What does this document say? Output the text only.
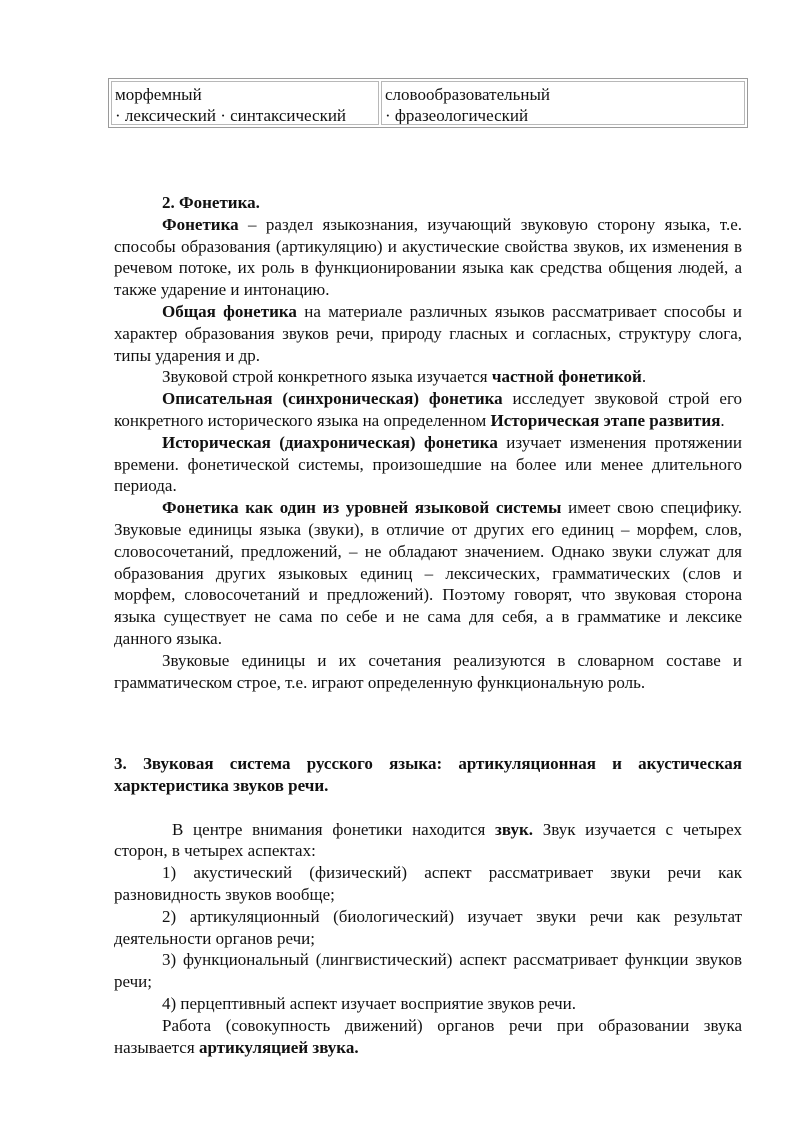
морфемный
· лексический · синтаксический
словообразовательный
· фразеологический
2. Фонетика.

Фонетика – раздел языкознания, изучающий звуковую сторону языка, т.е. способы образования (артикуляцию) и акустические свойства звуков, их изменения в речевом потоке, их роль в функционировании языка как средства общения людей, а также ударение и интонацию.

Общая фонетика на материале различных языков рассматривает способы и характер образования звуков речи, природу гласных и согласных, структуру слога, типы ударения и др.

Звуковой строй конкретного языка изучается частной фонетикой.

Описательная (синхроническая) фонетика исследует звуковой строй его конкретного исторического языка на определенном Историческая этапе развития.

Историческая (диахроническая) фонетика изучает изменения протяжении времени. фонетической системы, произошедшие на более или менее длительного периода.

Фонетика как один из уровней языковой системы имеет свою специфику. Звуковые единицы языка (звуки), в отличие от других его единиц – морфем, слов, словосочетаний, предложений, – не обладают значением. Однако звуки служат для образования других языковых единиц – лексических, грамматических (слов и морфем, словосочетаний и предложений). Поэтому говорят, что звуковая сторона языка существует не сама по себе и не сама для себя, а в грамматике и лексике данного языка.

Звуковые единицы и их сочетания реализуются в словарном составе и грамматическом строе, т.е. играют определенную функциональную роль.

3. Звуковая система русского языка: артикуляционная и акустическая харктеристика звуков речи.

В центре внимания фонетики находится звук. Звук изучается с четырех сторон, в четырех аспектах:

1) акустический (физический) аспект рассматривает звуки речи как разновидность звуков вообще;

2) артикуляционный (биологический) изучает звуки речи как результат деятельности органов речи;

3) функциональный (лингвистический) аспект рассматривает функции звуков речи;

4) перцептивный аспект изучает восприятие звуков речи.

Работа (совокупность движений) органов речи при образовании звука называется артикуляцией звука.
